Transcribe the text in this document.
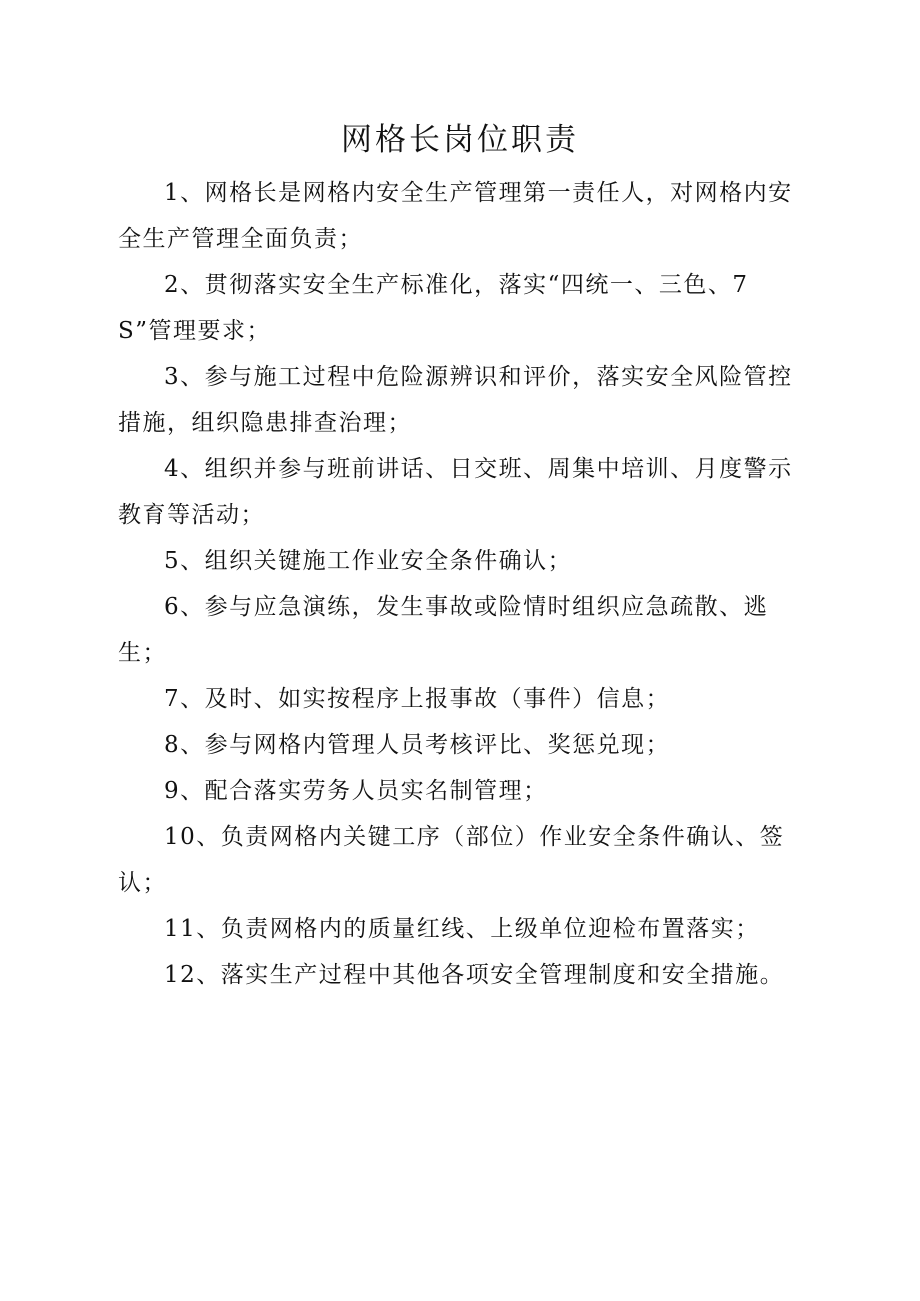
网格长岗位职责
1、网格长是网格内安全生产管理第一责任人，对网格内安全生产管理全面负责；
2、贯彻落实安全生产标准化，落实“四统一、三色、7S”管理要求；
3、参与施工过程中危险源辨识和评价，落实安全风险管控措施，组织隐患排查治理；
4、组织并参与班前讲话、日交班、周集中培训、月度警示教育等活动；
5、组织关键施工作业安全条件确认；
6、参与应急演练，发生事故或险情时组织应急疏散、逃生；
7、及时、如实按程序上报事故（事件）信息；
8、参与网格内管理人员考核评比、奖惩兑现；
9、配合落实劳务人员实名制管理；
10、负责网格内关键工序（部位）作业安全条件确认、签认；
11、负责网格内的质量红线、上级单位迎检布置落实；
12、落实生产过程中其他各项安全管理制度和安全措施。
